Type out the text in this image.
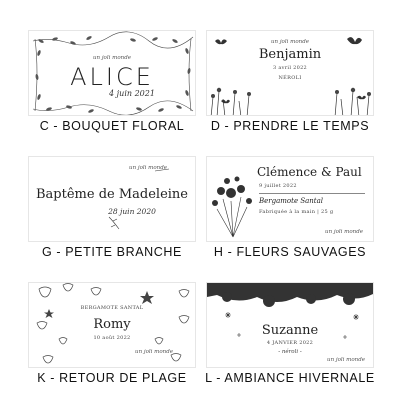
un joli monde
ALICE
4 juin 2021
C - BOUQUET FLORAL
un joli monde
Benjamin
3 avril 2022
NÉROLI
D - PRENDRE LE TEMPS
un joli monde
Baptême de Madeleine
28 juin 2020
G - PETITE BRANCHE
Clémence & Paul
9 juillet 2022
Bergamote Santal
Fabriquée à la main | 25 g
un joli monde
H - FLEURS SAUVAGES
BERGAMOTE SANTAL
Romy
10 août 2022
un joli monde
K - RETOUR DE PLAGE
Suzanne
4 JANVIER 2022
- néroli -
un joli monde
L - AMBIANCE HIVERNALE
